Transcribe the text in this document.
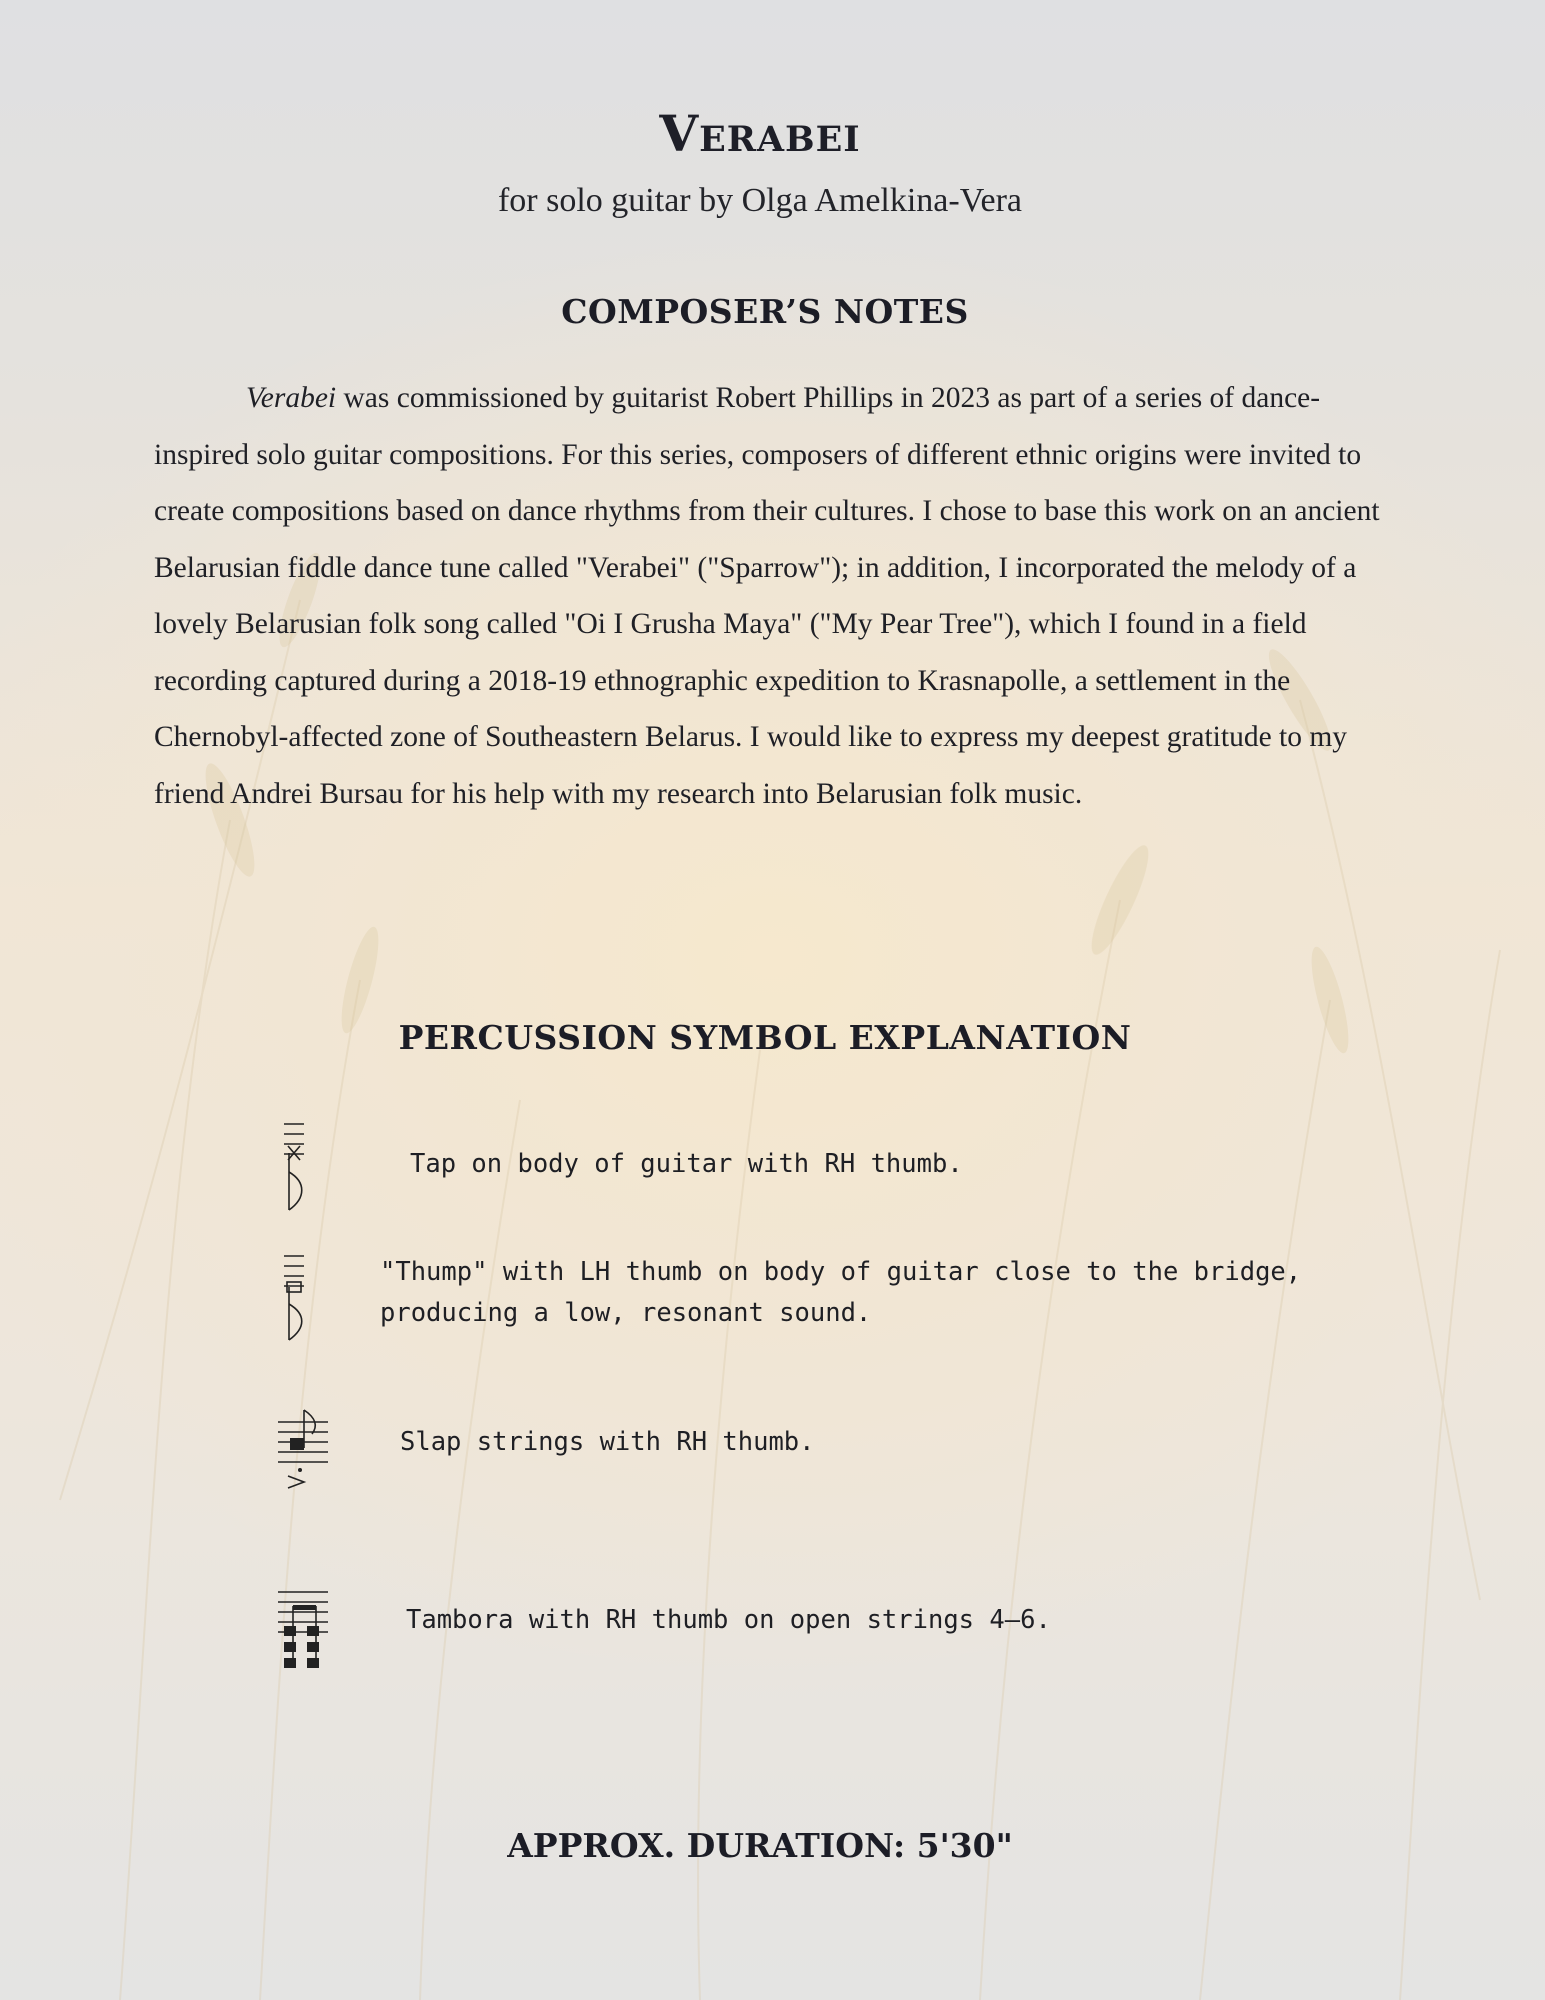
Verabei
for solo guitar by Olga Amelkina-Vera
COMPOSER’S NOTES

Verabei was commissioned by guitarist Robert Phillips in 2023 as part of a series of dance-inspired solo guitar compositions. For this series, composers of different ethnic origins were invited to create compositions based on dance rhythms from their cultures. I chose to base this work on an ancient Belarusian fiddle dance tune called "Verabei" ("Sparrow"); in addition, I incorporated the melody of a lovely Belarusian folk song called "Oi I Grusha Maya" ("My Pear Tree"), which I found in a field recording captured during a 2018-19 ethnographic expedition to Krasnapolle, a settlement in the Chernobyl-affected zone of Southeastern Belarus. I would like to express my deepest gratitude to my friend Andrei Bursau for his help with my research into Belarusian folk music.

PERCUSSION SYMBOL EXPLANATION
Tap on body of guitar with RH thumb.
"Thump" with LH thumb on body of guitar close to the bridge,
producing a low, resonant sound.
Slap strings with RH thumb.
Tambora with RH thumb on open strings 4–6.
APPROX. DURATION: 5'30"
